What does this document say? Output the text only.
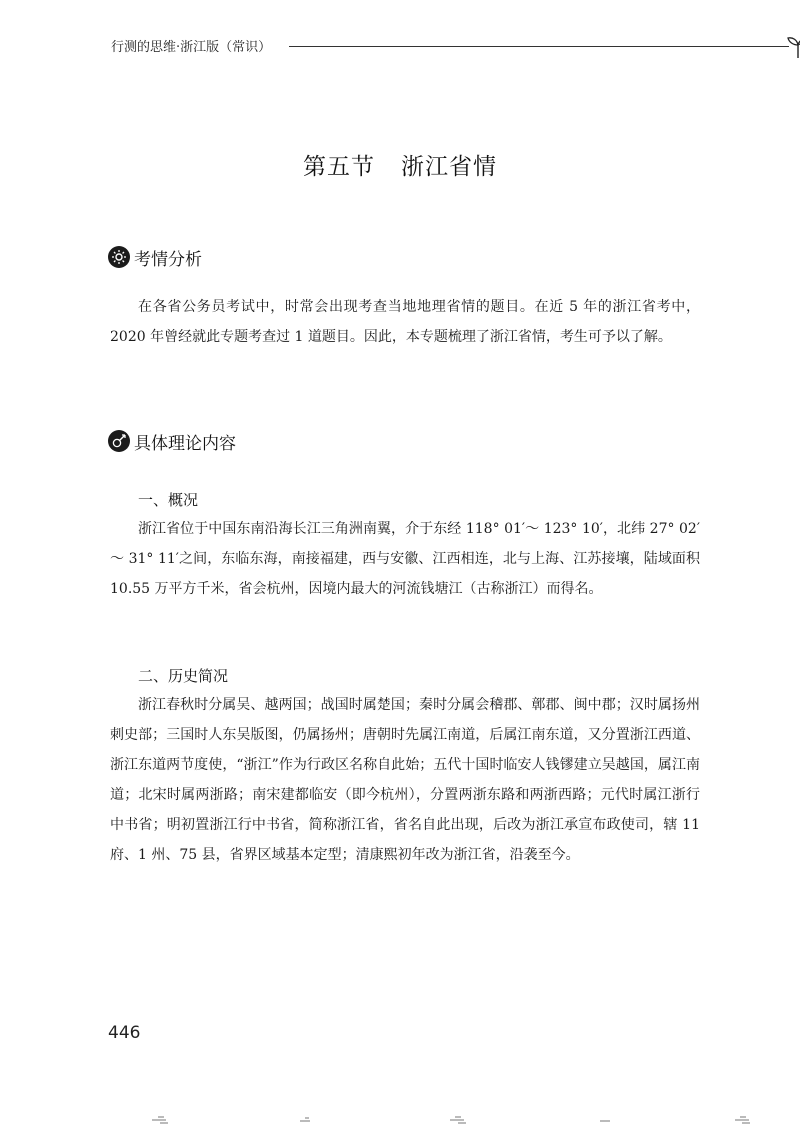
行测的思维·浙江版（常识）
第五节 浙江省情
考情分析

在各省公务员考试中，时常会出现考查当地地理省情的题目。在近 5 年的浙江省考中，2020 年曾经就此专题考查过 1 道题目。因此，本专题梳理了浙江省情，考生可予以了解。

具体理论内容
一、概况

浙江省位于中国东南沿海长江三角洲南翼，介于东经 118° 01′～ 123° 10′，北纬 27° 02′～ 31° 11′之间，东临东海，南接福建，西与安徽、江西相连，北与上海、江苏接壤，陆域面积 10.55 万平方千米，省会杭州，因境内最大的河流钱塘江（古称浙江）而得名。

二、历史简况

浙江春秋时分属吴、越两国；战国时属楚国；秦时分属会稽郡、鄣郡、闽中郡；汉时属扬州刺史部；三国时人东吴版图，仍属扬州；唐朝时先属江南道，后属江南东道，又分置浙江西道、浙江东道两节度使，“浙江”作为行政区名称自此始；五代十国时临安人钱镠建立吴越国，属江南道；北宋时属两浙路；南宋建都临安（即今杭州），分置两浙东路和两浙西路；元代时属江浙行中书省；明初置浙江行中书省，简称浙江省，省名自此出现，后改为浙江承宣布政使司，辖 11 府、1 州、75 县，省界区域基本定型；清康熙初年改为浙江省，沿袭至今。

446
